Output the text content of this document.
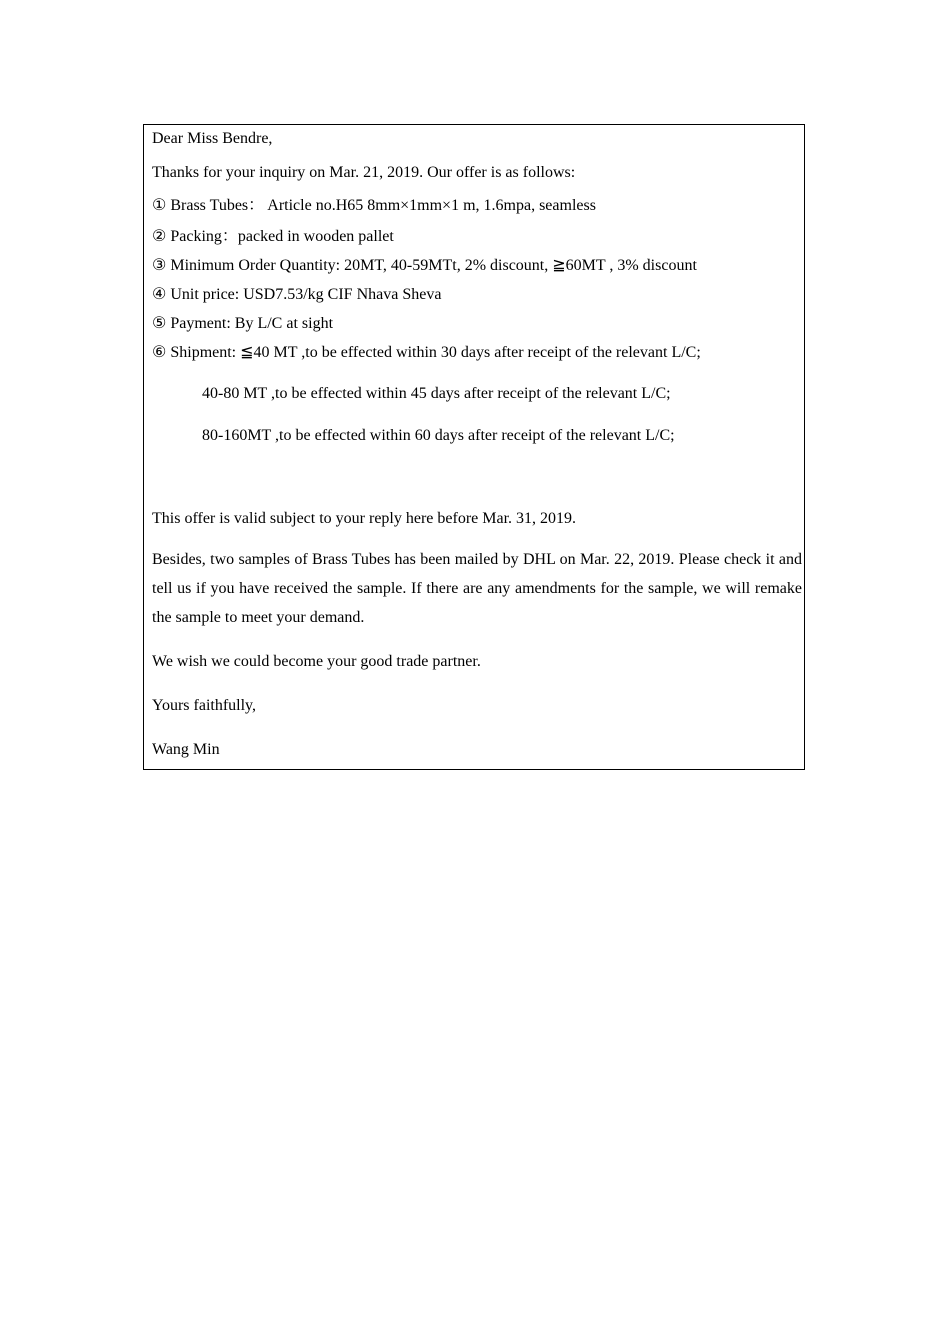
Dear Miss Bendre,
Thanks for your inquiry on Mar. 21, 2019. Our offer is as follows:
① Brass Tubes： Article no.H65 8mm×1mm×1 m, 1.6mpa, seamless
② Packing：packed in wooden pallet
③ Minimum Order Quantity: 20MT, 40-59MTt, 2% discount, ≧60MT , 3% discount
④ Unit price: USD7.53/kg CIF Nhava Sheva
⑤ Payment: By L/C at sight
⑥ Shipment: ≦40 MT ,to be effected within 30 days after receipt of the relevant L/C;
40-80 MT ,to be effected within 45 days after receipt of the relevant L/C;
80-160MT ,to be effected within 60 days after receipt of the relevant L/C;
This offer is valid subject to your reply here before Mar. 31, 2019.
Besides, two samples of Brass Tubes has been mailed by DHL on Mar. 22, 2019. Please check it and tell us if you have received the sample. If there are any amendments for the sample, we will remake the sample to meet your demand.
We wish we could become your good trade partner.
Yours faithfully,
Wang Min
